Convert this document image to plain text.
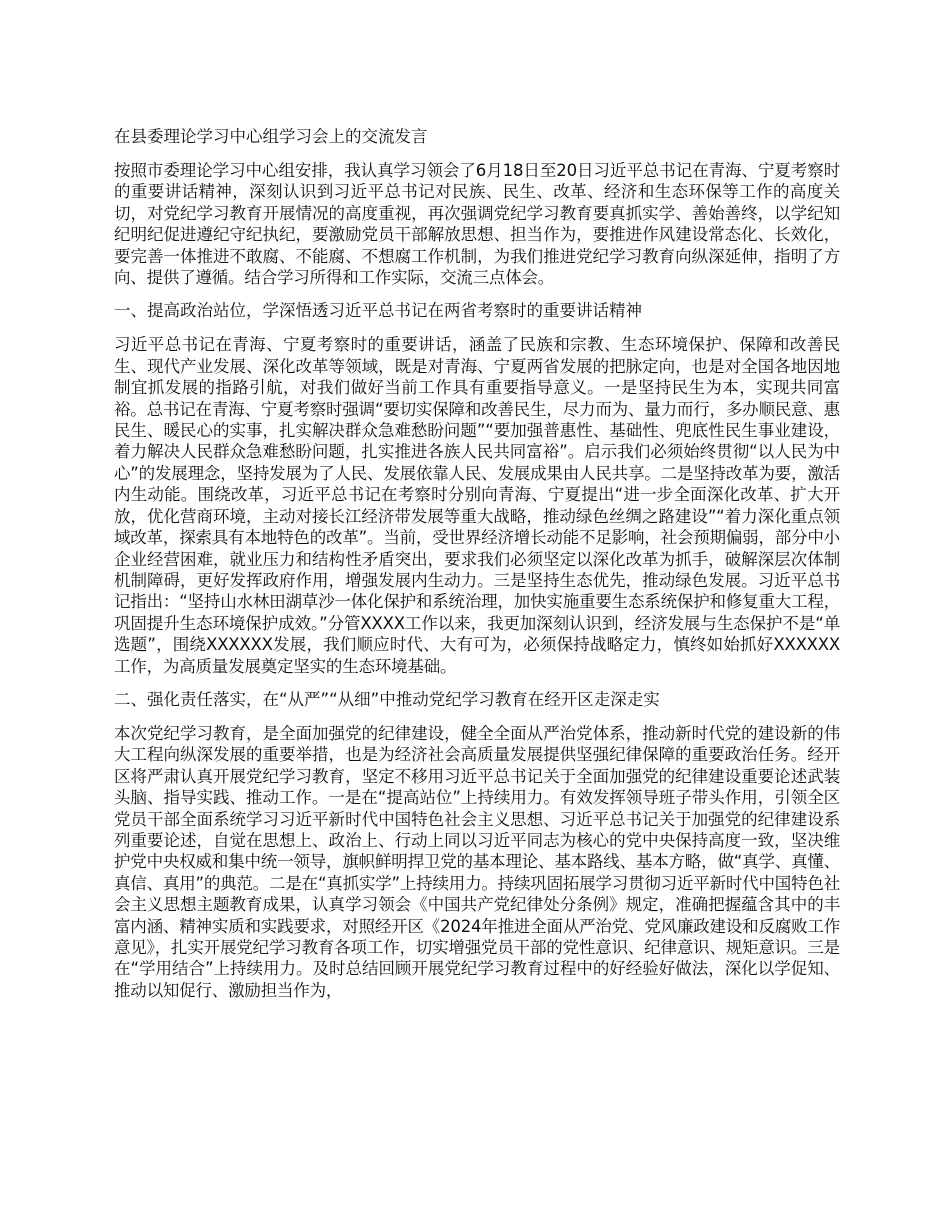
在县委理论学习中心组学习会上的交流发言
按照市委理论学习中心组安排，我认真学习领会了6月18日至20日习近平总书记在青海、宁夏考察时的重要讲话精神，深刻认识到习近平总书记对民族、民生、改革、经济和生态环保等工作的高度关切，对党纪学习教育开展情况的高度重视，再次强调党纪学习教育要真抓实学、善始善终，以学纪知纪明纪促进遵纪守纪执纪，要激励党员干部解放思想、担当作为，要推进作风建设常态化、长效化，要完善一体推进不敢腐、不能腐、不想腐工作机制，为我们推进党纪学习教育向纵深延伸，指明了方向、提供了遵循。结合学习所得和工作实际，交流三点体会。
一、提高政治站位，学深悟透习近平总书记在两省考察时的重要讲话精神
习近平总书记在青海、宁夏考察时的重要讲话，涵盖了民族和宗教、生态环境保护、保障和改善民生、现代产业发展、深化改革等领域，既是对青海、宁夏两省发展的把脉定向，也是对全国各地因地制宜抓发展的指路引航，对我们做好当前工作具有重要指导意义。一是坚持民生为本，实现共同富裕。总书记在青海、宁夏考察时强调“要切实保障和改善民生，尽力而为、量力而行，多办顺民意、惠民生、暖民心的实事，扎实解决群众急难愁盼问题”“要加强普惠性、基础性、兜底性民生事业建设，着力解决人民群众急难愁盼问题，扎实推进各族人民共同富裕”。启示我们必须始终贯彻“以人民为中心”的发展理念，坚持发展为了人民、发展依靠人民、发展成果由人民共享。二是坚持改革为要，激活内生动能。围绕改革，习近平总书记在考察时分别向青海、宁夏提出“进一步全面深化改革、扩大开放，优化营商环境，主动对接长江经济带发展等重大战略，推动绿色丝绸之路建设”“着力深化重点领域改革，探索具有本地特色的改革”。当前，受世界经济增长动能不足影响，社会预期偏弱，部分中小企业经营困难，就业压力和结构性矛盾突出，要求我们必须坚定以深化改革为抓手，破解深层次体制机制障碍，更好发挥政府作用，增强发展内生动力。三是坚持生态优先，推动绿色发展。习近平总书记指出：“坚持山水林田湖草沙一体化保护和系统治理，加快实施重要生态系统保护和修复重大工程，巩固提升生态环境保护成效。”分管XXXX工作以来，我更加深刻认识到，经济发展与生态保护不是“单选题”，围绕XXXXXX发展，我们顺应时代、大有可为，必须保持战略定力，慎终如始抓好XXXXXX工作，为高质量发展奠定坚实的生态环境基础。
二、强化责任落实，在“从严”“从细”中推动党纪学习教育在经开区走深走实
本次党纪学习教育，是全面加强党的纪律建设，健全全面从严治党体系，推动新时代党的建设新的伟大工程向纵深发展的重要举措，也是为经济社会高质量发展提供坚强纪律保障的重要政治任务。经开区将严肃认真开展党纪学习教育，坚定不移用习近平总书记关于全面加强党的纪律建设重要论述武装头脑、指导实践、推动工作。一是在“提高站位”上持续用力。有效发挥领导班子带头作用，引领全区党员干部全面系统学习习近平新时代中国特色社会主义思想、习近平总书记关于加强党的纪律建设系列重要论述，自觉在思想上、政治上、行动上同以习近平同志为核心的党中央保持高度一致，坚决维护党中央权威和集中统一领导，旗帜鲜明捍卫党的基本理论、基本路线、基本方略，做“真学、真懂、真信、真用”的典范。二是在“真抓实学”上持续用力。持续巩固拓展学习贯彻习近平新时代中国特色社会主义思想主题教育成果，认真学习领会《中国共产党纪律处分条例》规定，准确把握蕴含其中的丰富内涵、精神实质和实践要求，对照经开区《2024年推进全面从严治党、党风廉政建设和反腐败工作意见》，扎实开展党纪学习教育各项工作，切实增强党员干部的党性意识、纪律意识、规矩意识。三是在“学用结合”上持续用力。及时总结回顾开展党纪学习教育过程中的好经验好做法，深化以学促知、推动以知促行、激励担当作为，
